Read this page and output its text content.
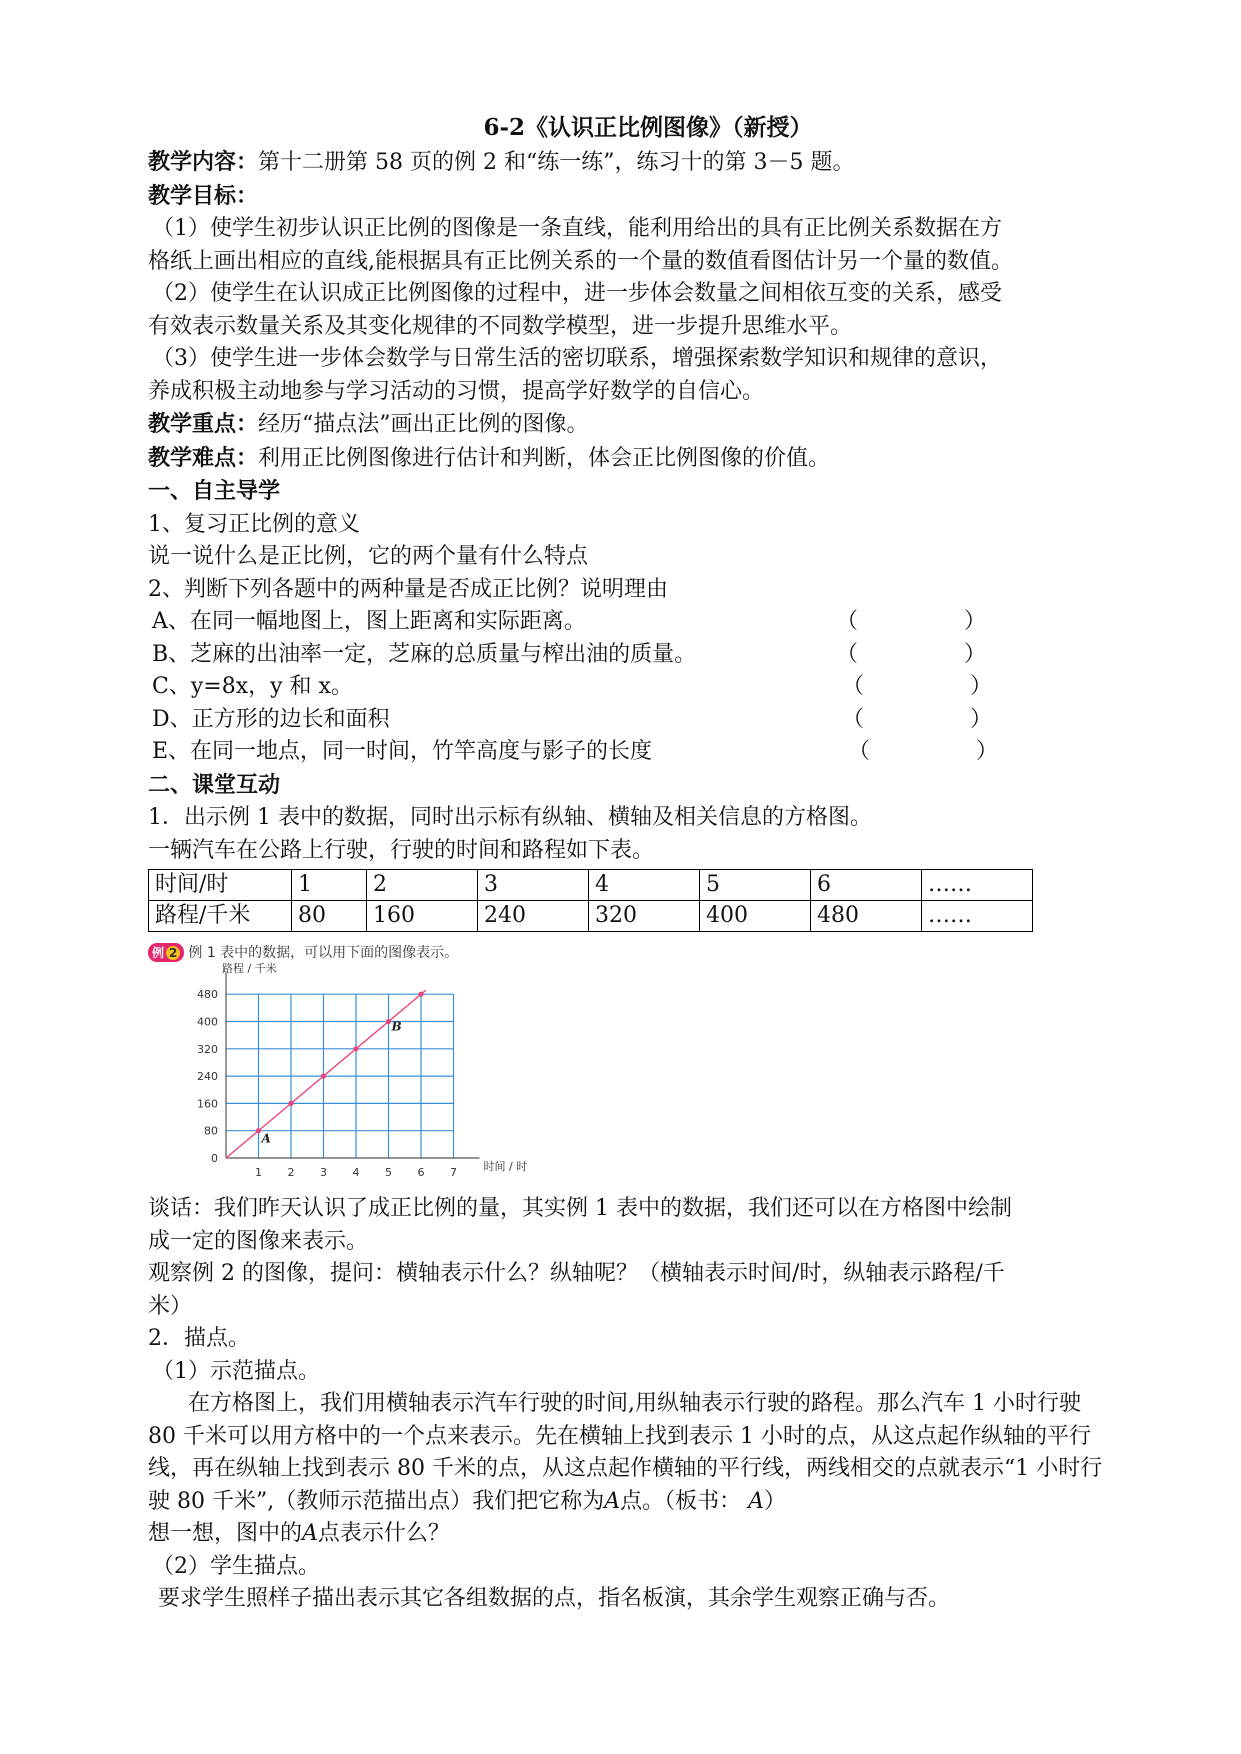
6-2《认识正比例图像》（新授）
教学内容：第十二册第 58 页的例 2 和“练一练”，练习十的第 3－5 题。
教学目标：
（1）使学生初步认识正比例的图像是一条直线，能利用给出的具有正比例关系数据在方
格纸上画出相应的直线,能根据具有正比例关系的一个量的数值看图估计另一个量的数值。
（2）使学生在认识成正比例图像的过程中，进一步体会数量之间相依互变的关系，感受
有效表示数量关系及其变化规律的不同数学模型，进一步提升思维水平。
（3）使学生进一步体会数学与日常生活的密切联系，增强探索数学知识和规律的意识，
养成积极主动地参与学习活动的习惯，提高学好数学的自信心。
教学重点：经历“描点法”画出正比例的图像。
教学难点：利用正比例图像进行估计和判断，体会正比例图像的价值。
一、自主导学
1、复习正比例的意义
说一说什么是正比例，它的两个量有什么特点
2、判断下列各题中的两种量是否成正比例？说明理由
A、在同一幅地图上，图上距离和实际距离。	（	）
B、芝麻的出油率一定，芝麻的总质量与榨出油的质量。	（	）
C、y=8x，y 和 x。	（	）
D、正方形的边长和面积	（	）
E、在同一地点，同一时间，竹竿高度与影子的长度	（	）
二、课堂互动
1．出示例 1 表中的数据，同时出示标有纵轴、横轴及相关信息的方格图。
一辆汽车在公路上行驶，行驶的时间和路程如下表。
时间/时	1	2	3	4	5	6	……
路程/千米	80	160	240	320	400	480	……
例 2 例 1 表中的数据，可以用下面的图像表示。
路程 / 千米
时间 / 时
80
160
240
320
400
480
1 2 3 4 5 6 7
0
A
B
谈话：我们昨天认识了成正比例的量，其实例 1 表中的数据，我们还可以在方格图中绘制
成一定的图像来表示。
观察例 2 的图像，提问：横轴表示什么？纵轴呢？（横轴表示时间/时，纵轴表示路程/千
米）
2．描点。
（1）示范描点。
在方格图上，我们用横轴表示汽车行驶的时间,用纵轴表示行驶的路程。那么汽车 1 小时行驶 80 千米可以用方格中的一个点来表示。先在横轴上找到表示 1 小时的点，从这点起作纵轴的平行线，再在纵轴上找到表示 80 千米的点，从这点起作横轴的平行线，两线相交的点就表示“1 小时行驶 80 千米”,（教师示范描出点）我们把它称为A点。（板书： A）
想一想，图中的A点表示什么？
（2）学生描点。
要求学生照样子描出表示其它各组数据的点，指名板演，其余学生观察正确与否。
